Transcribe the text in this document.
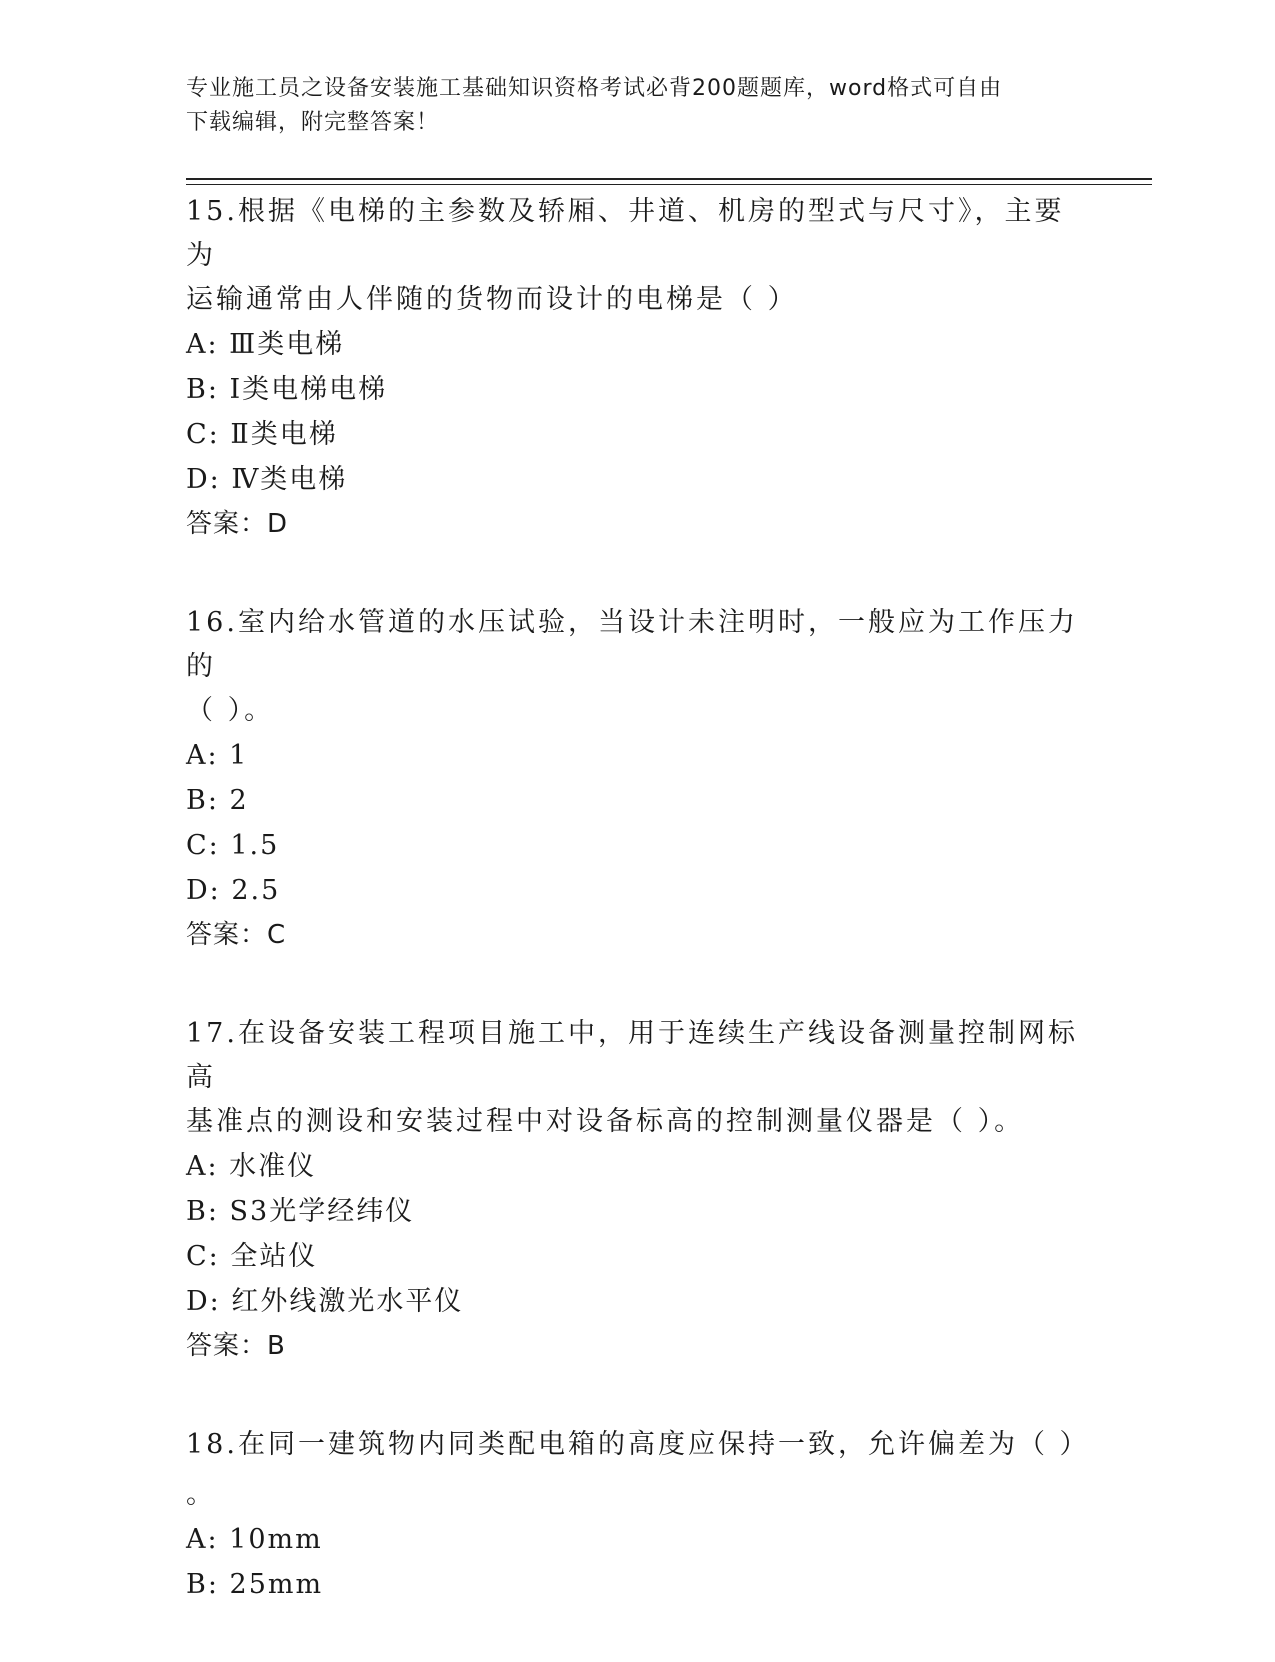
专业施工员之设备安装施工基础知识资格考试必背200题题库，word格式可自由
下载编辑，附完整答案！
15.根据《电梯的主参数及轿厢、井道、机房的型式与尺寸》，主要为
运输通常由人伴随的货物而设计的电梯是（ ）
A: Ⅲ类电梯
B: Ⅰ类电梯电梯
C: Ⅱ类电梯
D: Ⅳ类电梯
答案：D
16.室内给水管道的水压试验，当设计未注明时，一般应为工作压力的
（ ）。
A: 1
B: 2
C: 1.5
D: 2.5
答案：C
17.在设备安装工程项目施工中，用于连续生产线设备测量控制网标高
基准点的测设和安装过程中对设备标高的控制测量仪器是（ ）。
A: 水准仪
B: S3光学经纬仪
C: 全站仪
D: 红外线激光水平仪
答案：B
18.在同一建筑物内同类配电箱的高度应保持一致，允许偏差为（ ）
。
A: 10mm
B: 25mm
